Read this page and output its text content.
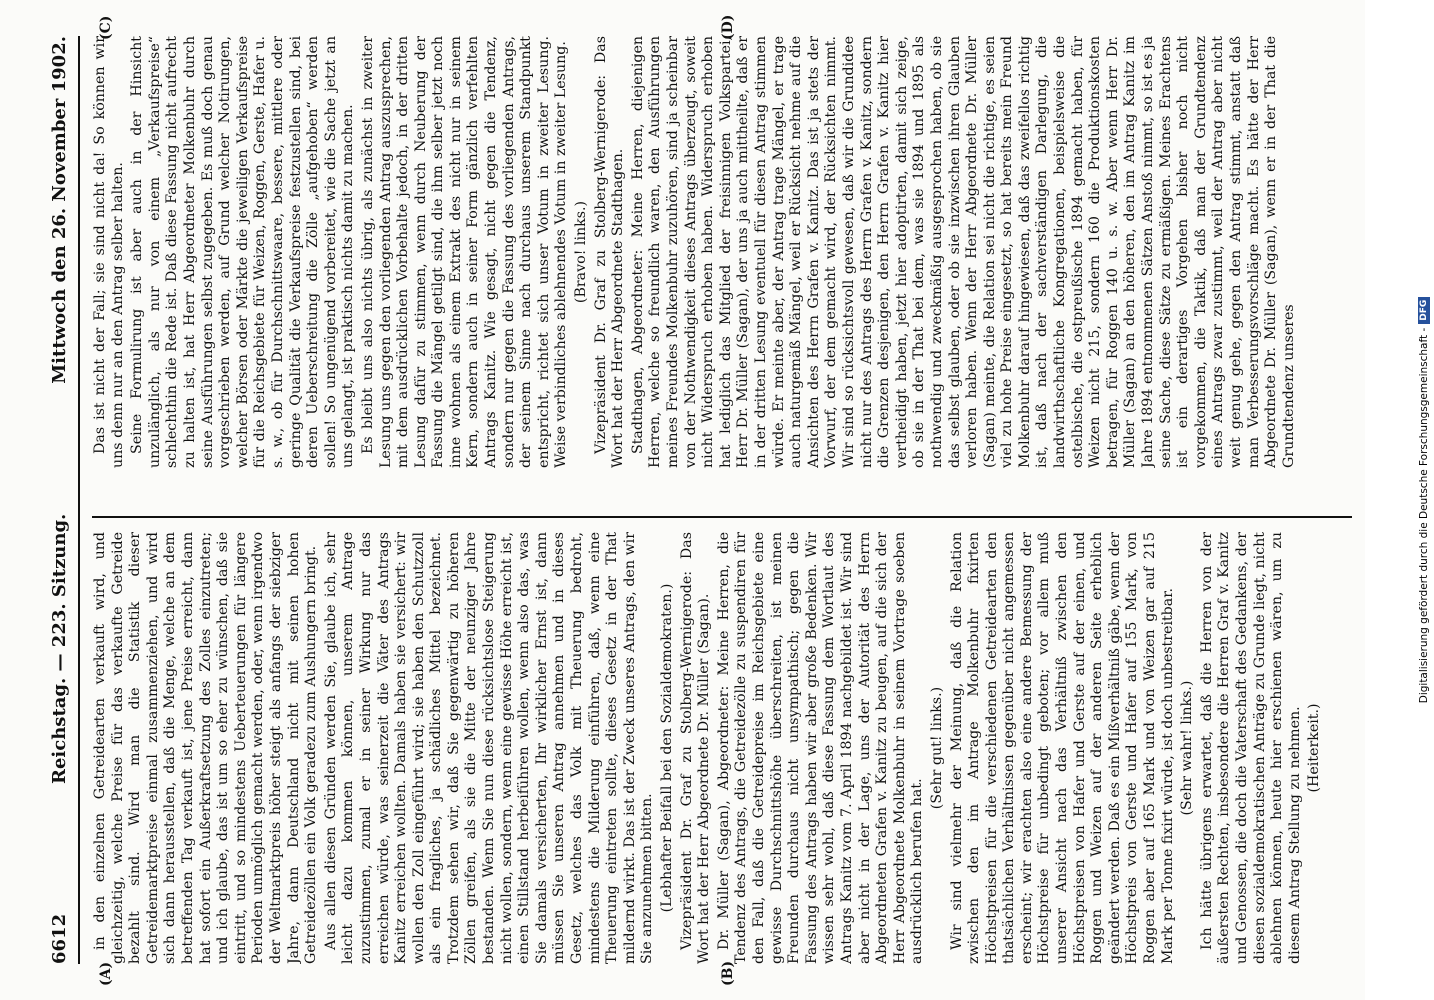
6612
Reichstag. — 223. Sitzung.
Mittwoch den 26. November 1902.
(A)	(B)
(C)	(D)

in den einzelnen Getreidearten verkauft wird, und gleichzeitig, welche Preise für das verkaufte Getreide bezahlt sind. Wird man die Statistik dieser Getreidemarktpreise einmal zusammenziehen, und wird sich dann herausstellen, daß die Menge, welche an dem betreffenden Tag verkauft ist, jene Preise erreicht, dann hat sofort ein Außerkraftsetzung des Zolles einzutreten; und ich glaube, das ist um so eher zu wünschen, daß sie eintritt, und so mindestens Ueberteuerungen für längere Perioden unmöglich gemacht werden, oder, wenn irgendwo der Weltmarktpreis höher steigt als anfangs der siebziger Jahre, dann Deutschland nicht mit seinen hohen Getreidezöllen ein Volk geradezu zum Aushungern bringt. Aus allen diesen Gründen werden Sie, glaube ich, sehr leicht dazu kommen können, unserem Antrage zuzustimmen, zumal er in seiner Wirkung nur das erreichen würde, was seinerzeit die Väter des Antrags Kanitz erreichen wollten. Damals haben sie versichert: wir wollen den Zoll eingeführt wird; sie haben den Schutzzoll als ein fragliches, ja schädliches Mittel bezeichnet. Trotzdem sehen wir, daß Sie gegenwärtig zu höheren Zöllen greifen, als sie die Mitte der neunziger Jahre bestanden. Wenn Sie nun diese rücksichtslose Steigerung nicht wollen, sondern, wenn eine gewisse Höhe erreicht ist, einen Stillstand herbeiführen wollen, wenn also das, was Sie damals versicherten, Ihr wirklicher Ernst ist, dann müssen Sie unseren Antrag annehmen und in dieses Gesetz, welches das Volk mit Theuerung bedroht, mindestens die Milderung einführen, daß, wenn eine Theuerung eintreten sollte, dieses Gesetz in der That mildernd wirkt. Das ist der Zweck unseres Antrags, den wir Sie anzunehmen bitten. (Lebhafter Beifall bei den Sozialdemokraten.) Vizepräsident Dr. Graf zu Stolberg-Wernigerode: Das Wort hat der Herr Abgeordnete Dr. Müller (Sagan). Dr. Müller (Sagan), Abgeordneter: Meine Herren, die Tendenz des Antrags, die Getreidezölle zu suspendiren für den Fall, daß die Getreidepreise im Reichsgebiete eine gewisse Durchschnittshöhe überschreiten, ist meinen Freunden durchaus nicht unsympathisch; gegen die Fassung des Antrags haben wir aber große Bedenken. Wir wissen sehr wohl, daß diese Fassung dem Wortlaut des Antrags Kanitz vom 7. April 1894 nachgebildet ist. Wir sind aber nicht in der Lage, uns der Autorität des Herrn Abgeordneten Grafen v. Kanitz zu beugen, auf die sich der Herr Abgeordnete Molkenbuhr in seinem Vortrage soeben ausdrücklich berufen hat.

(Sehr gut! links.) Wir sind vielmehr der Meinung, daß die Relation zwischen den im Antrage Molkenbuhr fixirten Höchstpreisen für die verschiedenen Getreidearten den thatsächlichen Verhältnissen gegenüber nicht angemessen erscheint; wir erachten also eine andere Bemessung der Höchstpreise für unbedingt geboten; vor allem muß unserer Ansicht nach das Verhältniß zwischen den Höchstpreisen von Hafer und Gerste auf der einen, und Roggen und Weizen auf der anderen Seite erheblich geändert werden. Daß es ein Mißverhältniß gäbe, wenn der Höchstpreis von Gerste und Hafer auf 155 Mark, von Roggen aber auf 165 Mark und von Weizen gar auf 215 Mark per Tonne fixirt würde, ist doch unbestreitbar. (Sehr wahr! links.) Ich hätte übrigens erwartet, daß die Herren von der äußersten Rechten, insbesondere die Herren Graf v. Kanitz und Genossen, die doch die Vaterschaft des Gedankens, der diesen sozialdemokratischen Anträge zu Grunde liegt, nicht ablehnen können, heute hier erschienen wären, um zu diesem Antrag Stellung zu nehmen. (Heiterkeit.)

Das ist nicht der Fall; sie sind nicht da! So können wir uns denn nur an den Antrag selber halten. Seine Formulirung ist aber auch in der Hinsicht unzulänglich, als nur von einem „Verkaufspreise“ schlechthin die Rede ist. Daß diese Fassung nicht aufrecht zu halten ist, hat Herr Abgeordneter Molkenbuhr durch seine Ausführungen selbst zugegeben. Es muß doch genau vorgeschrieben werden, auf Grund welcher Notirungen, welcher Börsen oder Märkte die jeweiligen Verkaufspreise für die Reichsgebiete für Weizen, Roggen, Gerste, Hafer u. s. w., ob für Durchschnittswaare, bessere, mittlere oder geringe Qualität die Verkaufspreise festzustellen sind, bei deren Ueberschreitung die Zölle „aufgehoben“ werden sollen! So ungenügend vorbereitet, wie die Sache jetzt an uns gelangt, ist praktisch nichts damit zu machen. Es bleibt uns also nichts übrig, als zunächst in zweiter Lesung uns gegen den vorliegenden Antrag auszusprechen, mit dem ausdrücklichen Vorbehalte jedoch, in der dritten Lesung dafür zu stimmen, wenn durch Neuberung der Fassung die Mängel getilgt sind, die ihm selber jetzt noch inne wohnen als einem Extrakt des nicht nur in seinem Kern, sondern auch in seiner Form gänzlich verfehlten Antrags Kanitz. Wie gesagt, nicht gegen die Tendenz, sondern nur gegen die Fassung des vorliegenden Antrags, der seinem Sinne nach durchaus unserem Standpunkt entspricht, richtet sich unser Votum in zweiter Lesung. Weise verbindliches ablehnendes Votum in zweiter Lesung. (Bravo! links.) Vizepräsident Dr. Graf zu Stolberg-Wernigerode: Das Wort hat der Herr Abgeordnete Stadthagen. Stadthagen, Abgeordneter: Meine Herren, diejenigen Herren, welche so freundlich waren, den Ausführungen meines Freundes Molkenbuhr zuzuhören, sind ja scheinbar von der Nothwendigkeit dieses Antrags überzeugt, soweit nicht Widerspruch erhoben haben. Widerspruch erhoben hat lediglich das Mitglied der freisinnigen Volkspartei, Herr Dr. Müller (Sagan), der uns ja auch mittheilte, daß er in der dritten Lesung eventuell für diesen Antrag stimmen würde. Er meinte aber, der Antrag trage Mängel, er trage auch naturgemäß Mängel, weil er Rücksicht nehme auf die Ansichten des Herrn Grafen v. Kanitz. Das ist ja stets der Vorwurf, der dem gemacht wird, der Rücksichten nimmt. Wir sind so rücksichtsvoll gewesen, daß wir die Grundidee nicht nur des Antrags des Herrn Grafen v. Kanitz, sondern die Grenzen desjenigen, den Herrn Grafen v. Kanitz hier vertheidigt haben, jetzt hier adoptirten, damit sich zeige, ob sie in der That bei dem, was sie 1894 und 1895 als nothwendig und zweckmäßig ausgesprochen haben, ob sie das selbst glauben, oder ob sie inzwischen ihren Glauben verloren haben. Wenn der Herr Abgeordnete Dr. Müller (Sagan) meinte, die Relation sei nicht die richtige, es seien viel zu hohe Preise eingesetzt, so hat bereits mein Freund Molkenbuhr darauf hingewiesen, daß das zweifellos richtig ist, daß nach der sachverständigen Darlegung, die landwirthschaftliche Kongregationen, beispielsweise die ostelbische, die ostpreußische 1894 gemacht haben, für Weizen nicht 215, sondern 160 die Produktionskosten betragen, für Roggen 140 u. s. w. Aber wenn Herr Dr. Müller (Sagan) an den höheren, den im Antrag Kanitz im Jahre 1894 entnommenen Sätzen Anstoß nimmt, so ist es ja seine Sache, diese Sätze zu ermäßigen. Meines Erachtens ist ein derartiges Vorgehen bisher noch nicht vorgekommen, die Taktik, daß man der Grundtendenz eines Antrags zwar zustimmt, weil der Antrag aber nicht weit genug gehe, gegen den Antrag stimmt, anstatt daß man Verbesserungsvorschläge macht. Es hätte der Herr Abgeordnete Dr. Müller (Sagan), wenn er in der That die Grundtendenz unseres	Digitalisierung gefördert durch die Deutsche Forschungsgemeinschaft -
DFG
